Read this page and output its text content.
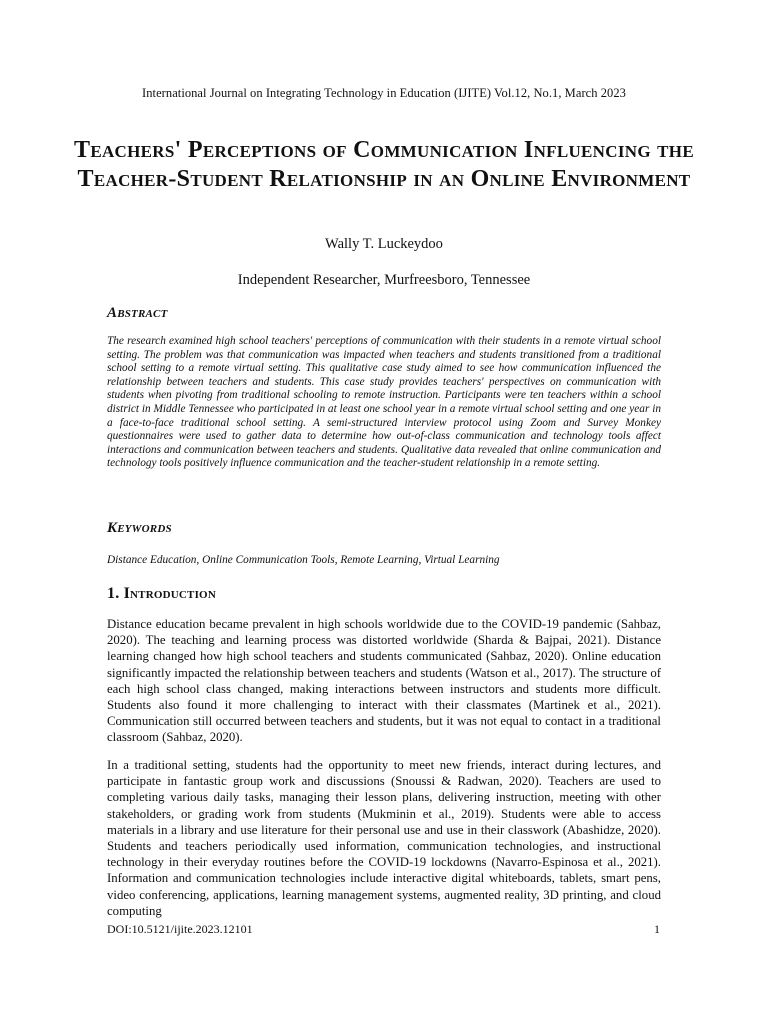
International Journal on Integrating Technology in Education (IJITE) Vol.12, No.1, March 2023
Teachers' Perceptions of Communication Influencing the Teacher-Student Relationship in an Online Environment
Wally T. Luckeydoo
Independent Researcher, Murfreesboro, Tennessee
Abstract
The research examined high school teachers' perceptions of communication with their students in a remote virtual school setting. The problem was that communication was impacted when teachers and students transitioned from a traditional school setting to a remote virtual setting. This qualitative case study aimed to see how communication influenced the relationship between teachers and students. This case study provides teachers' perspectives on communication with students when pivoting from traditional schooling to remote instruction. Participants were ten teachers within a school district in Middle Tennessee who participated in at least one school year in a remote virtual school setting and one year in a face-to-face traditional school setting. A semi-structured interview protocol using Zoom and Survey Monkey questionnaires were used to gather data to determine how out-of-class communication and technology tools affect interactions and communication between teachers and students. Qualitative data revealed that online communication and technology tools positively influence communication and the teacher-student relationship in a remote setting.
Keywords
Distance Education, Online Communication Tools, Remote Learning, Virtual Learning
1. Introduction
Distance education became prevalent in high schools worldwide due to the COVID-19 pandemic (Sahbaz, 2020). The teaching and learning process was distorted worldwide (Sharda & Bajpai, 2021). Distance learning changed how high school teachers and students communicated (Sahbaz, 2020). Online education significantly impacted the relationship between teachers and students (Watson et al., 2017). The structure of each high school class changed, making interactions between instructors and students more difficult. Students also found it more challenging to interact with their classmates (Martinek et al., 2021). Communication still occurred between teachers and students, but it was not equal to contact in a traditional classroom (Sahbaz, 2020).
In a traditional setting, students had the opportunity to meet new friends, interact during lectures, and participate in fantastic group work and discussions (Snoussi & Radwan, 2020). Teachers are used to completing various daily tasks, managing their lesson plans, delivering instruction, meeting with other stakeholders, or grading work from students (Mukminin et al., 2019). Students were able to access materials in a library and use literature for their personal use and use in their classwork (Abashidze, 2020). Students and teachers periodically used information, communication technologies, and instructional technology in their everyday routines before the COVID-19 lockdowns (Navarro-Espinosa et al., 2021). Information and communication technologies include interactive digital whiteboards, tablets, smart pens, video conferencing, applications, learning management systems, augmented reality, 3D printing, and cloud computing
DOI:10.5121/ijite.2023.12101	1
